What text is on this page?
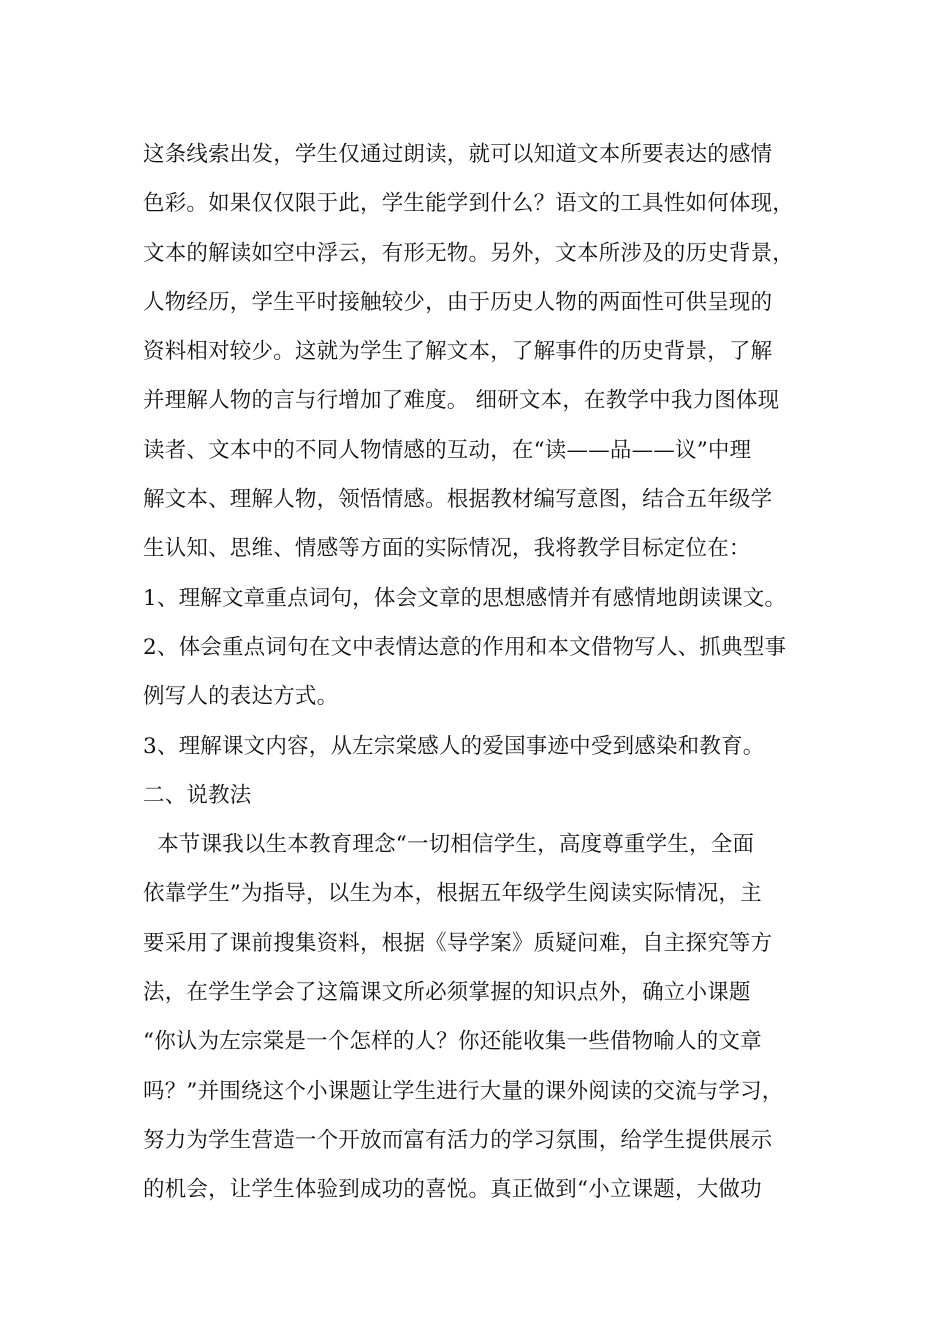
这条线索出发，学生仅通过朗读，就可以知道文本所要表达的感情
色彩。如果仅仅限于此，学生能学到什么？语文的工具性如何体现，
文本的解读如空中浮云，有形无物。另外，文本所涉及的历史背景，
人物经历，学生平时接触较少，由于历史人物的两面性可供呈现的
资料相对较少。这就为学生了解文本，了解事件的历史背景，了解
并理解人物的言与行增加了难度。 细研文本，在教学中我力图体现
读者、文本中的不同人物情感的互动，在“读——品——议”中理
解文本、理解人物，领悟情感。根据教材编写意图，结合五年级学
生认知、思维、情感等方面的实际情况，我将教学目标定位在：
1、理解文章重点词句，体会文章的思想感情并有感情地朗读课文。
2、体会重点词句在文中表情达意的作用和本文借物写人、抓典型事
例写人的表达方式。
3、理解课文内容，从左宗棠感人的爱国事迹中受到感染和教育。
二、说教法
本节课我以生本教育理念“一切相信学生，高度尊重学生，全面
依靠学生”为指导，以生为本，根据五年级学生阅读实际情况，主
要采用了课前搜集资料，根据《导学案》质疑问难，自主探究等方
法，在学生学会了这篇课文所必须掌握的知识点外，确立小课题
“你认为左宗棠是一个怎样的人？你还能收集一些借物喻人的文章
吗？”并围绕这个小课题让学生进行大量的课外阅读的交流与学习，
努力为学生营造一个开放而富有活力的学习氛围，给学生提供展示
的机会，让学生体验到成功的喜悦。真正做到“小立课题，大做功
